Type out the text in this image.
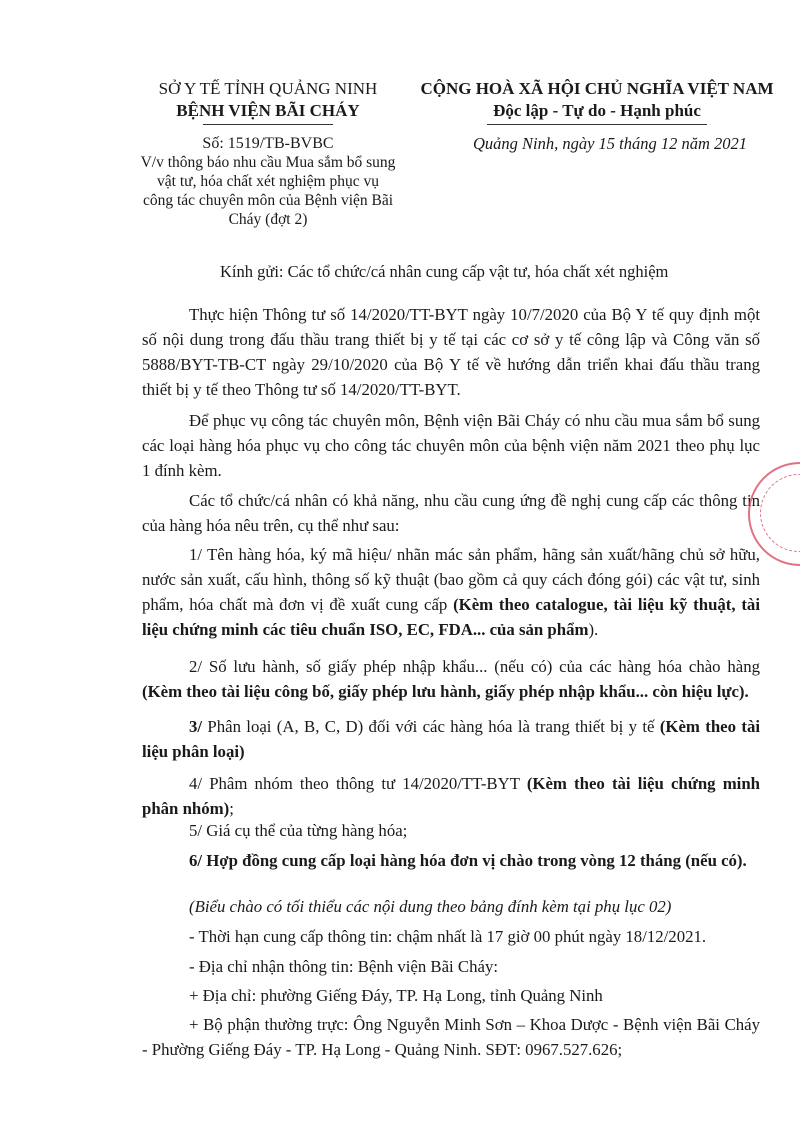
SỞ Y TẾ TỈNH QUẢNG NINH
BỆNH VIỆN BÃI CHÁY
CỘNG HOÀ XÃ HỘI CHỦ NGHĨA VIỆT NAM
Độc lập - Tự do - Hạnh phúc
Số: 1519/TB-BVBC
V/v thông báo nhu cầu Mua sắm bổ sung
vật tư, hóa chất xét nghiệm phục vụ
công tác chuyên môn của Bệnh viện Bãi
Cháy (đợt 2)
Quảng Ninh, ngày 15 tháng 12 năm 2021
Kính gửi: Các tổ chức/cá nhân cung cấp vật tư, hóa chất xét nghiệm
Thực hiện Thông tư số 14/2020/TT-BYT ngày 10/7/2020 của Bộ Y tế quy định một số nội dung trong đấu thầu trang thiết bị y tế tại các cơ sở y tế công lập và Công văn số 5888/BYT-TB-CT ngày 29/10/2020 của Bộ Y tế về hướng dẫn triển khai đấu thầu trang thiết bị y tế theo Thông tư số 14/2020/TT-BYT.
Để phục vụ công tác chuyên môn, Bệnh viện Bãi Cháy có nhu cầu mua sắm bổ sung các loại hàng hóa phục vụ cho công tác chuyên môn của bệnh viện năm 2021 theo phụ lục 1 đính kèm.
Các tổ chức/cá nhân có khả năng, nhu cầu cung ứng đề nghị cung cấp các thông tin của hàng hóa nêu trên, cụ thể như sau:
1/ Tên hàng hóa, ký mã hiệu/ nhãn mác sản phẩm, hãng sản xuất/hãng chủ sở hữu, nước sản xuất, cấu hình, thông số kỹ thuật (bao gồm cả quy cách đóng gói) các vật tư, sinh phẩm, hóa chất mà đơn vị đề xuất cung cấp (Kèm theo catalogue, tài liệu kỹ thuật, tài liệu chứng minh các tiêu chuẩn ISO, EC, FDA... của sản phẩm).
2/ Số lưu hành, số giấy phép nhập khẩu... (nếu có) của các hàng hóa chào hàng (Kèm theo tài liệu công bố, giấy phép lưu hành, giấy phép nhập khẩu... còn hiệu lực).
3/ Phân loại (A, B, C, D) đối với các hàng hóa là trang thiết bị y tế (Kèm theo tài liệu phân loại)
4/ Phâm nhóm theo thông tư 14/2020/TT-BYT (Kèm theo tài liệu chứng minh phân nhóm);
5/ Giá cụ thể của từng hàng hóa;
6/ Hợp đồng cung cấp loại hàng hóa đơn vị chào trong vòng 12 tháng (nếu có).
(Biểu chào có tối thiểu các nội dung theo bảng đính kèm tại phụ lục 02)
- Thời hạn cung cấp thông tin: chậm nhất là 17 giờ 00 phút ngày 18/12/2021.
- Địa chỉ nhận thông tin: Bệnh viện Bãi Cháy:
+ Địa chỉ: phường Giếng Đáy, TP. Hạ Long, tỉnh Quảng Ninh
+ Bộ phận thường trực: Ông Nguyễn Minh Sơn – Khoa Dược - Bệnh viện Bãi Cháy - Phường Giếng Đáy - TP. Hạ Long - Quảng Ninh. SĐT: 0967.527.626;
